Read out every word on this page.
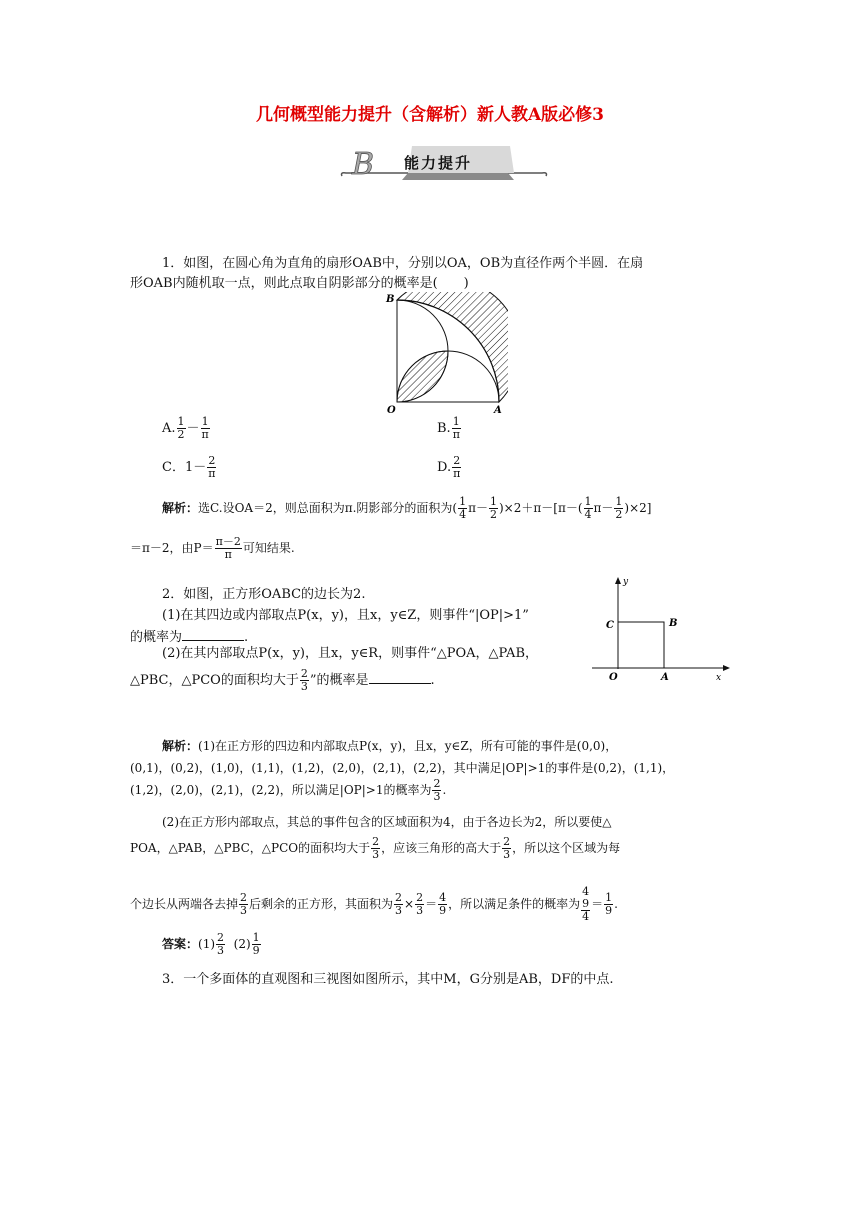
几何概型能力提升（含解析）新人教A版必修3
B 能力提升
1．如图，在圆心角为直角的扇形OAB中，分别以OA，OB为直径作两个半圆．在扇
形OAB内随机取一点，则此点取自阴影部分的概率是(　　)
B
O	A
A. $\frac{1}{2} - \frac{1}{\pi}$	B. $\frac{1}{\pi}$
C．$1- \frac{2}{\pi}$	D. $\frac{2}{\pi}$
解析：选C.设OA＝2，则总面积为π.阴影部分的面积为( $\frac{1}{4} \pi- \frac{1}{2} )\times 2+\pi-[\pi-( \frac{1}{4} \pi- \frac{1}{2} )\times 2]$
＝π－2，由$P= \frac{\pi-2}{\pi}$ 可知结果.
2．如图，正方形OABC的边长为2.
(1)在其四边或内部取点P(x，y)，且x，y∈Z，则事件“|OP|>1”
的概率为	.
(2)在其内部取点P(x，y)，且x，y∈R，则事件“△POA，△PAB，
△PBC，△PCO的面积均大于 $\frac{2}{3}$ ”的概率是	.
y
C	B
O	A	x
解析：(1)在正方形的四边和内部取点P(x，y)，且x，y∈Z，所有可能的事件是(0,0)，
(0,1)，(0,2)，(1,0)，(1,1)，(1,2)，(2,0)，(2,1)，(2,2)，其中满足|OP|>1的事件是(0,2)，(1,1)，
(1,2)，(2,0)，(2,1)，(2,2)，所以满足|OP|>1的概率为 $\frac{2}{3}$ .
(2)在正方形内部取点，其总的事件包含的区域面积为4，由于各边长为2，所以要使△
POA，△PAB，△PBC，△PCO的面积均大于 $\frac{2}{3}$ ，应该三角形的高大于 $\frac{2}{3}$ ，所以这个区域为每
个边长从两端各去掉 $\frac{2}{3}$ 后剩余的正方形，其面积为 $\frac{2}{3} \times \frac{2}{3} = \frac{4}{9}$ ，所以满足条件的概率为
4
9
4
＝ $\frac{1}{9}$ .
答案：$(1) \frac{2}{3} (2) \frac{1}{9}$
3．一个多面体的直观图和三视图如图所示，其中M，G分别是AB，DF的中点.
